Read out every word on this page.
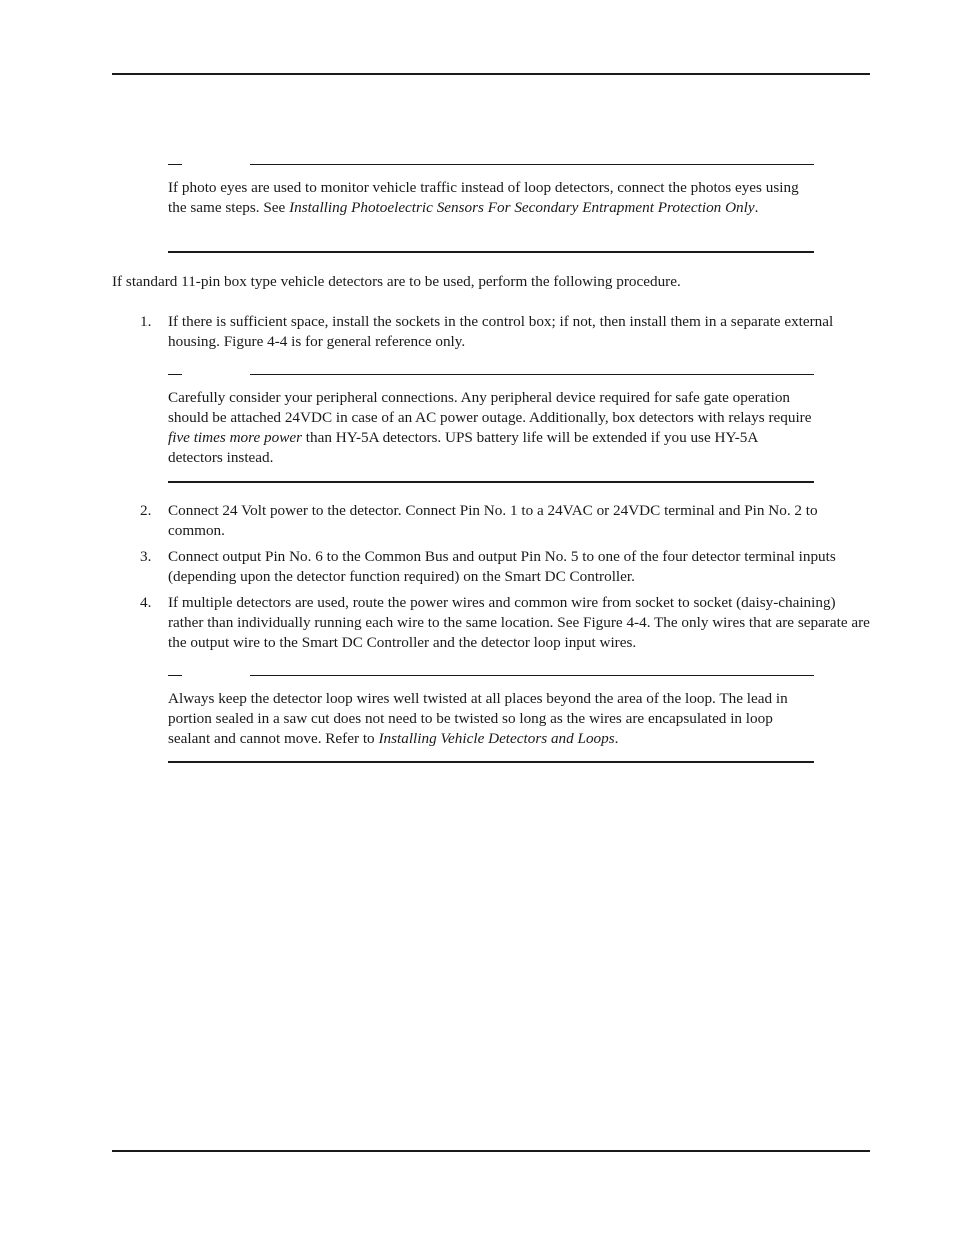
If photo eyes are used to monitor vehicle traffic instead of loop detectors, connect the photos eyes using the same steps. See Installing Photoelectric Sensors For Secondary Entrapment Protection Only.

If standard 11-pin box type vehicle detectors are to be used, perform the following procedure.

1.	If there is sufficient space, install the sockets in the control box; if not, then install them in a separate external housing. Figure 4-4 is for general reference only.

Carefully consider your peripheral connections. Any peripheral device required for safe gate operation should be attached 24VDC in case of an AC power outage. Additionally, box detectors with relays require five times more power than HY-5A detectors. UPS battery life will be extended if you use HY-5A detectors instead.

2.	Connect 24 Volt power to the detector. Connect Pin No. 1 to a 24VAC or 24VDC terminal and Pin No. 2 to common.
3.	Connect output Pin No. 6 to the Common Bus and output Pin No. 5 to one of the four detector terminal inputs (depending upon the detector function required) on the Smart DC Controller.
4.	If multiple detectors are used, route the power wires and common wire from socket to socket (daisy-chaining) rather than individually running each wire to the same location. See Figure 4-4. The only wires that are separate are the output wire to the Smart DC Controller and the detector loop input wires.

Always keep the detector loop wires well twisted at all places beyond the area of the loop. The lead in portion sealed in a saw cut does not need to be twisted so long as the wires are encapsulated in loop sealant and cannot move. Refer to Installing Vehicle Detectors and Loops.
